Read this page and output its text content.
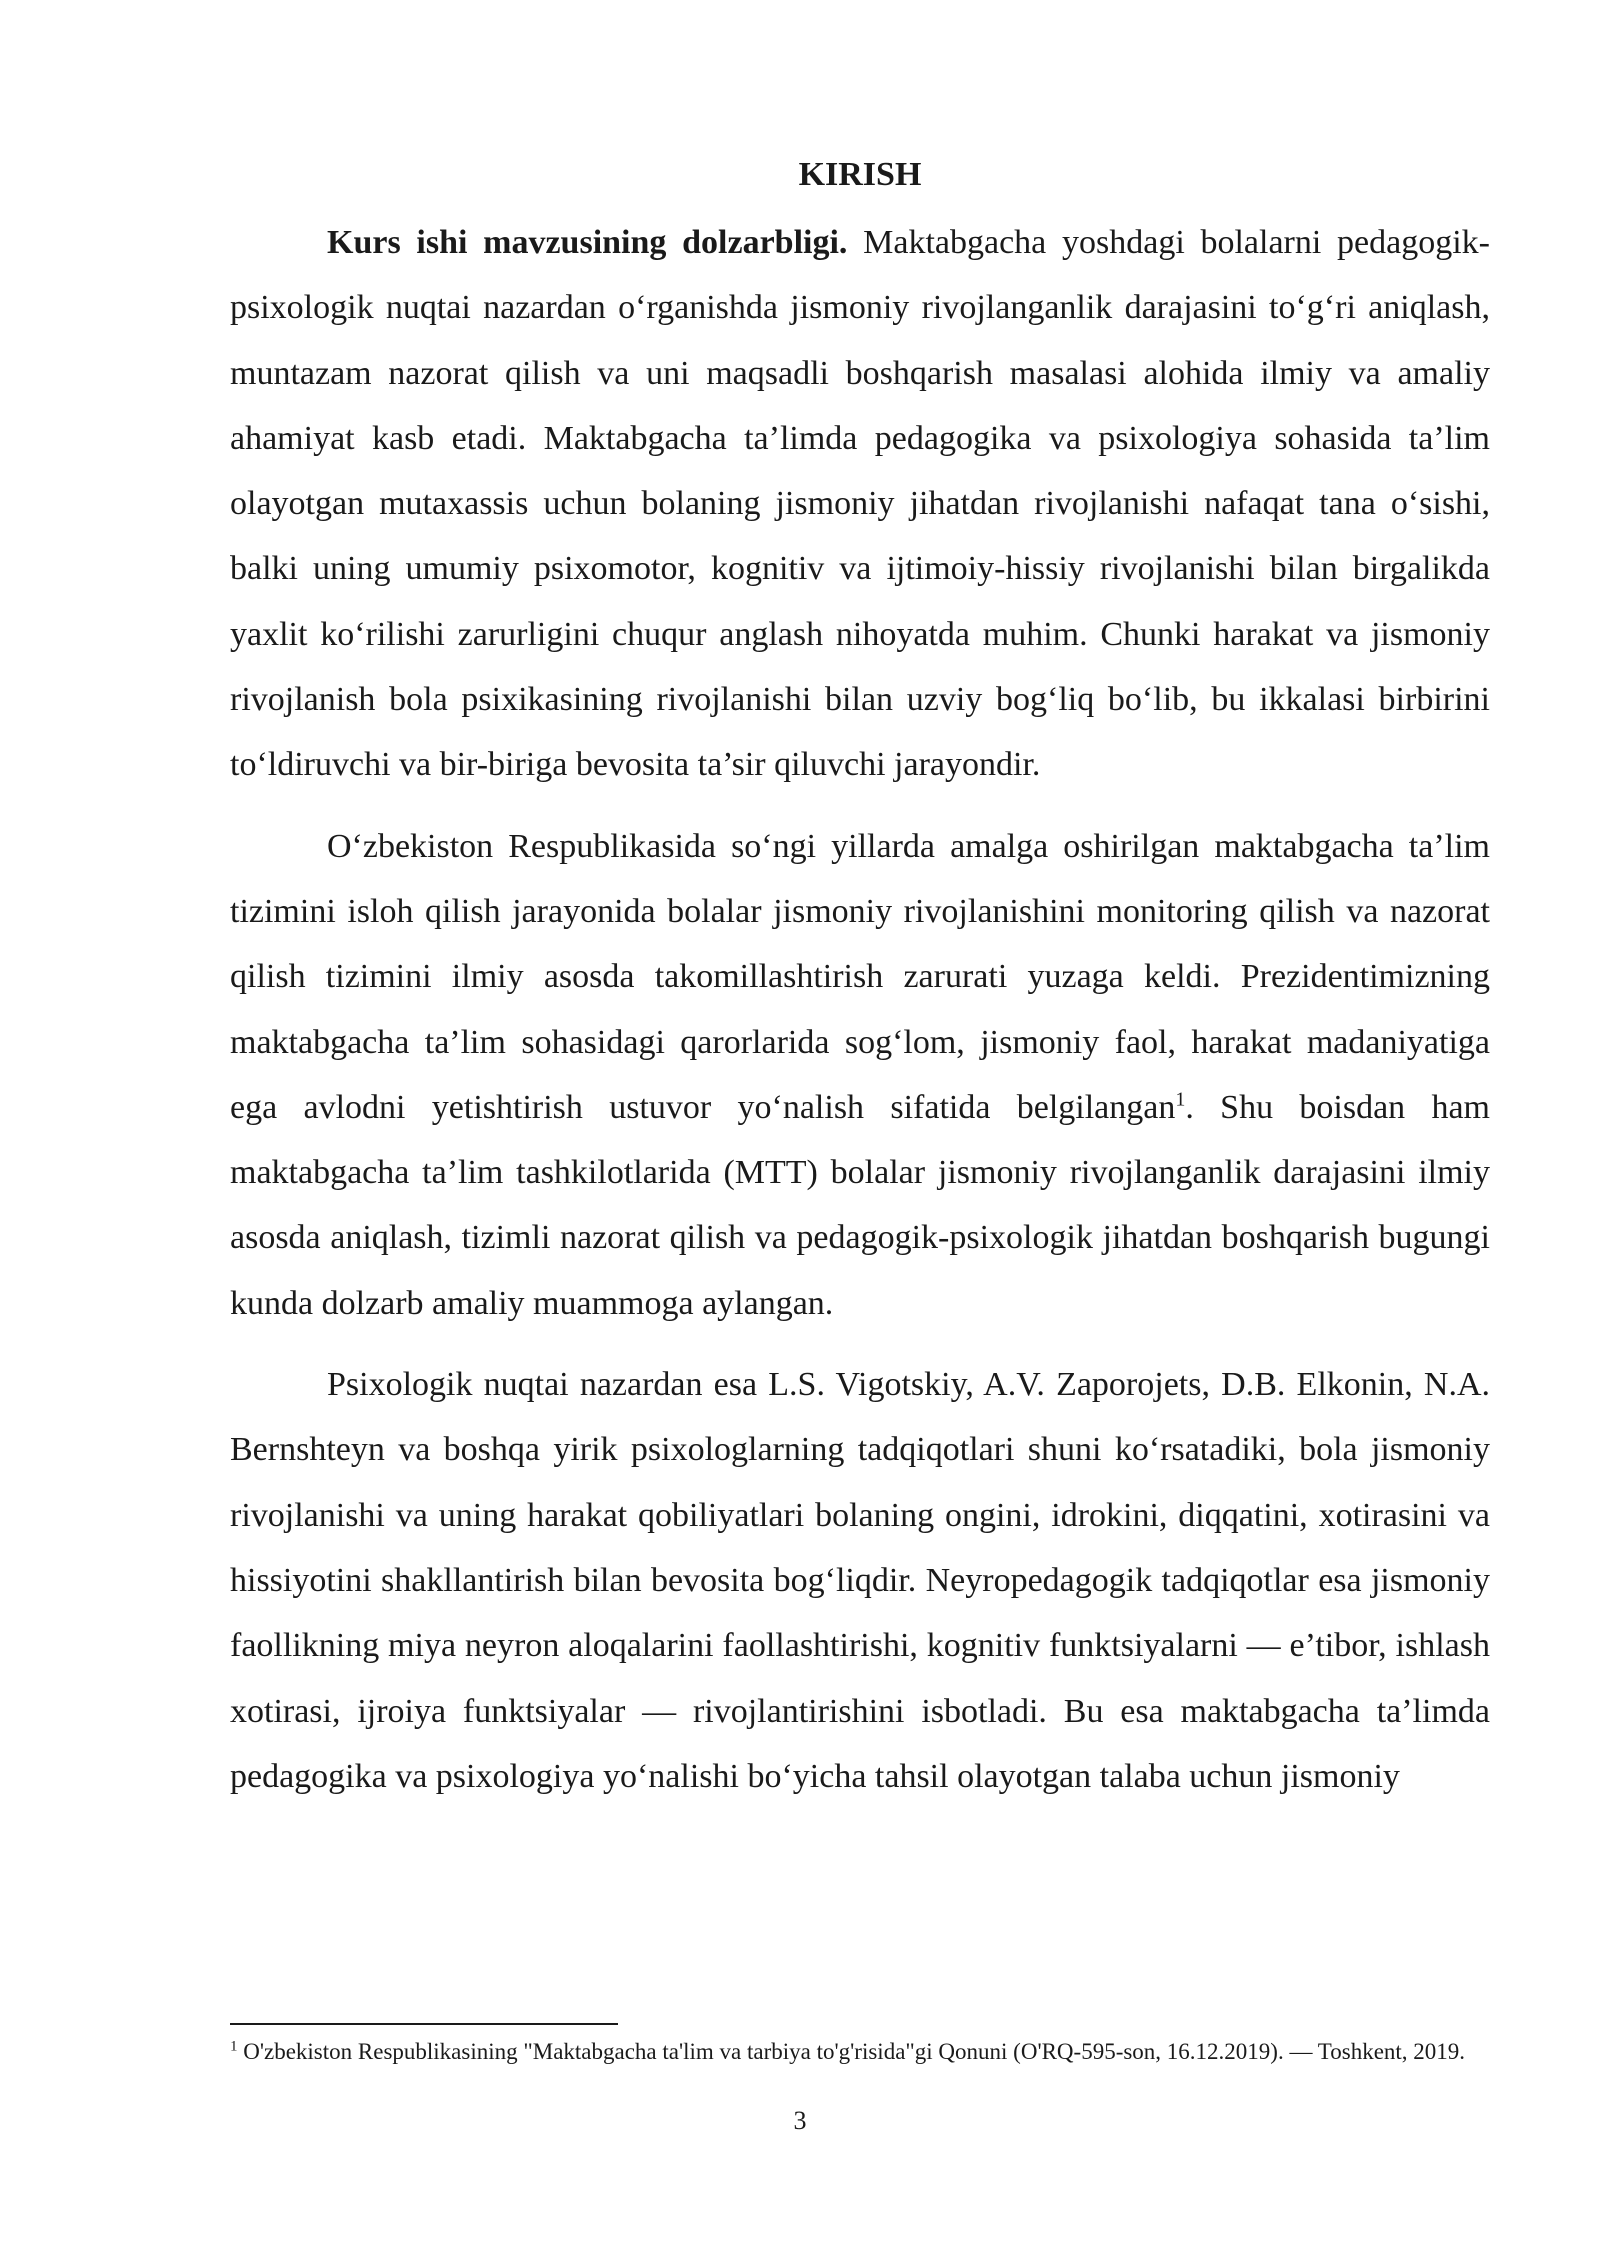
KIRISH

Kurs ishi mavzusining dolzarbligi. Maktabgacha yoshdagi bolalarni pedagogik-psixologik nuqtai nazardan o‘rganishda jismoniy rivojlanganlik darajasini to‘g‘ri aniqlash, muntazam nazorat qilish va uni maqsadli boshqarish masalasi alohida ilmiy va amaliy ahamiyat kasb etadi. Maktabgacha ta’limda pedagogika va psixologiya sohasida ta’lim olayotgan mutaxassis uchun bolaning jismoniy jihatdan rivojlanishi nafaqat tana o‘sishi, balki uning umumiy psixomotor, kognitiv va ijtimoiy-hissiy rivojlanishi bilan birgalikda yaxlit ko‘rilishi zarurligini chuqur anglash nihoyatda muhim. Chunki harakat va jismoniy rivojlanish bola psixikasining rivojlanishi bilan uzviy bog‘liq bo‘lib, bu ikkalasi birbirini to‘ldiruvchi va bir-biriga bevosita ta’sir qiluvchi jarayondir.

O‘zbekiston Respublikasida so‘ngi yillarda amalga oshirilgan maktabgacha ta’lim tizimini isloh qilish jarayonida bolalar jismoniy rivojlanishini monitoring qilish va nazorat qilish tizimini ilmiy asosda takomillashtirish zarurati yuzaga keldi. Prezidentimizning maktabgacha ta’lim sohasidagi qarorlarida sog‘lom, jismoniy faol, harakat madaniyatiga ega avlodni yetishtirish ustuvor yo‘nalish sifatida belgilangan$^1$. Shu boisdan ham maktabgacha ta’lim tashkilotlarida (MTT) bolalar jismoniy rivojlanganlik darajasini ilmiy asosda aniqlash, tizimli nazorat qilish va pedagogik-psixologik jihatdan boshqarish bugungi kunda dolzarb amaliy muammoga aylangan.

Psixologik nuqtai nazardan esa L.S. Vigotskiy, A.V. Zaporojets, D.B. Elkonin, N.A. Bernshteyn va boshqa yirik psixologlarning tadqiqotlari shuni ko‘rsatadiki, bola jismoniy rivojlanishi va uning harakat qobiliyatlari bolaning ongini, idrokini, diqqatini, xotirasini va hissiyotini shakllantirish bilan bevosita bog‘liqdir. Neyropedagogik tadqiqotlar esa jismoniy faollikning miya neyron aloqalarini faollashtirishi, kognitiv funktsiyalarni — e’tibor, ishlash xotirasi, ijroiya funktsiyalar — rivojlantirishini isbotladi. Bu esa maktabgacha ta’limda pedagogika va psixologiya yo‘nalishi bo‘yicha tahsil olayotgan talaba uchun jismoniy

$^1$ O'zbekiston Respublikasining "Maktabgacha ta'lim va tarbiya to'g'risida"gi Qonuni (O'RQ-595-son, 16.12.2019). — Toshkent, 2019.
3
